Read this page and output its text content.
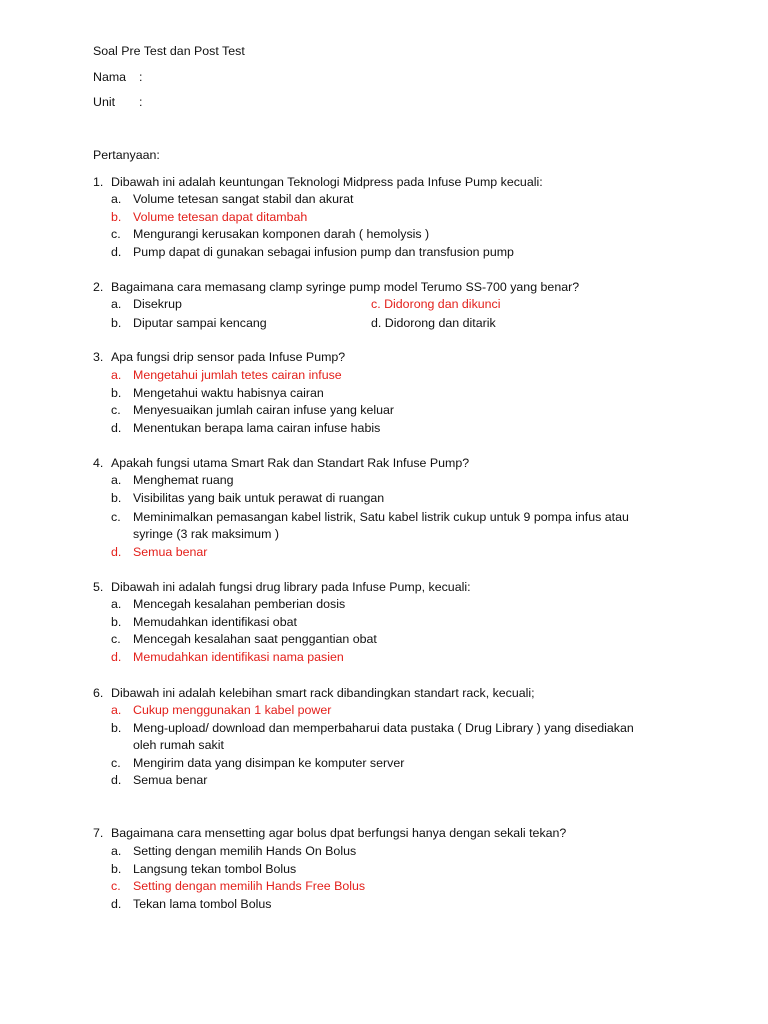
Soal Pre Test dan Post Test
Nama :
Unit :
Pertanyaan:
1. Dibawah ini adalah keuntungan Teknologi Midpress pada Infuse Pump kecuali:
a. Volume tetesan sangat stabil dan akurat
b. Volume tetesan dapat ditambah
c. Mengurangi kerusakan komponen darah ( hemolysis )
d. Pump dapat di gunakan sebagai infusion pump dan transfusion pump
2. Bagaimana cara memasang clamp syringe pump model Terumo SS-700 yang benar?
a. Disekrup
b. Diputar sampai kencang
c. Didorong dan dikunci
d. Didorong dan ditarik
3. Apa fungsi drip sensor pada Infuse Pump?
a. Mengetahui jumlah tetes cairan infuse
b. Mengetahui waktu habisnya cairan
c. Menyesuaikan jumlah cairan infuse yang keluar
d. Menentukan berapa lama cairan infuse habis
4. Apakah fungsi utama Smart Rak dan Standart Rak Infuse Pump?
a. Menghemat ruang
b. Visibilitas yang baik untuk perawat di ruangan
c. Meminimalkan pemasangan kabel listrik, Satu kabel listrik cukup untuk 9 pompa infus atau
syringe (3 rak maksimum )
d. Semua benar
5. Dibawah ini adalah fungsi drug library pada Infuse Pump, kecuali:
a. Mencegah kesalahan pemberian dosis
b. Memudahkan identifikasi obat
c. Mencegah kesalahan saat penggantian obat
d. Memudahkan identifikasi nama pasien
6. Dibawah ini adalah kelebihan smart rack dibandingkan standart rack, kecuali;
a. Cukup menggunakan 1 kabel power
b. Meng-upload/ download dan memperbaharui data pustaka ( Drug Library ) yang disediakan
oleh rumah sakit
c. Mengirim data yang disimpan ke komputer server
d. Semua benar
7. Bagaimana cara mensetting agar bolus dpat berfungsi hanya dengan sekali tekan?
a. Setting dengan memilih Hands On Bolus
b. Langsung tekan tombol Bolus
c. Setting dengan memilih Hands Free Bolus
d. Tekan lama tombol Bolus
